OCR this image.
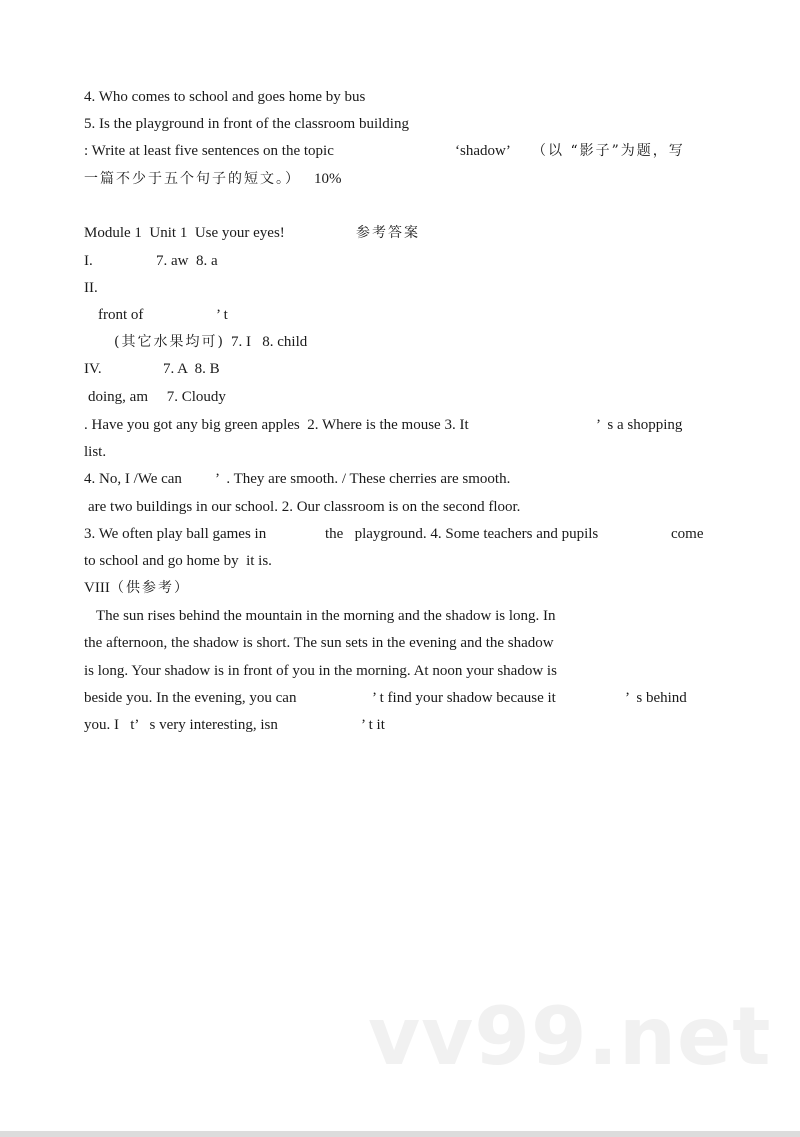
4. Who comes to school and goes home by bus
5. Is the playground in front of the classroom building
: Write at least five sentences on the topic	‘shadow’ （以 “影子”为题，写
一篇不少于五个句子的短文。） 10%
Module 1  Unit 1  Use your eyes!	参考答案
I.	7. aw  8. a
II.
front of	’ t
(其它水果均可) 7. I   8. child
IV.	7. A  8. B
doing, am     7. Cloudy
. Have you got any big green apples  2. Where is the mouse 3. It	’  s a shopping
list.
4. No, I /We can ’  . They are smooth. / These cherries are smooth.
are two buildings in our school. 2. Our classroom is on the second floor.
3. We often play ball games in	the   playground. 4. Some teachers and pupils	come
to school and go home by  it is.
VIII （供参考）
The sun rises behind the mountain in the morning and the shadow is long. In
the afternoon, the shadow is short. The sun sets in the evening and the shadow
is long. Your shadow is in front of you in the morning. At noon your shadow is
beside you. In the evening, you can	’ t find your shadow because it	’  s behind
you. I   t’   s very interesting, isn	’ t it
vv99.net
